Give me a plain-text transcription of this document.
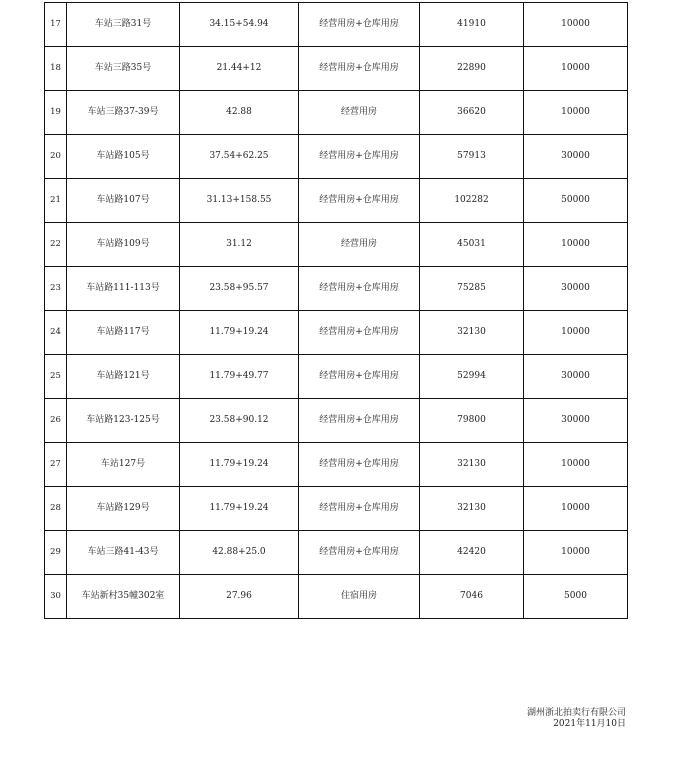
17	车站三路31号	34.15+54.94	经营用房+仓库用房	41910	10000
18	车站三路35号	21.44+12	经营用房+仓库用房	22890	10000
19	车站三路37-39号	42.88	经营用房	36620	10000
20	车站路105号	37.54+62.25	经营用房+仓库用房	57913	30000
21	车站路107号	31.13+158.55	经营用房+仓库用房	102282	50000
22	车站路109号	31.12	经营用房	45031	10000
23	车站路111-113号	23.58+95.57	经营用房+仓库用房	75285	30000
24	车站路117号	11.79+19.24	经营用房+仓库用房	32130	10000
25	车站路121号	11.79+49.77	经营用房+仓库用房	52994	30000
26	车站路123-125号	23.58+90.12	经营用房+仓库用房	79800	30000
27	车站127号	11.79+19.24	经营用房+仓库用房	32130	10000
28	车站路129号	11.79+19.24	经营用房+仓库用房	32130	10000
29	车站三路41-43号	42.88+25.0	经营用房+仓库用房	42420	10000
30	车站新村35幢302室	27.96	住宿用房	7046	5000
湖州浙北拍卖行有限公司
2021年11月10日
